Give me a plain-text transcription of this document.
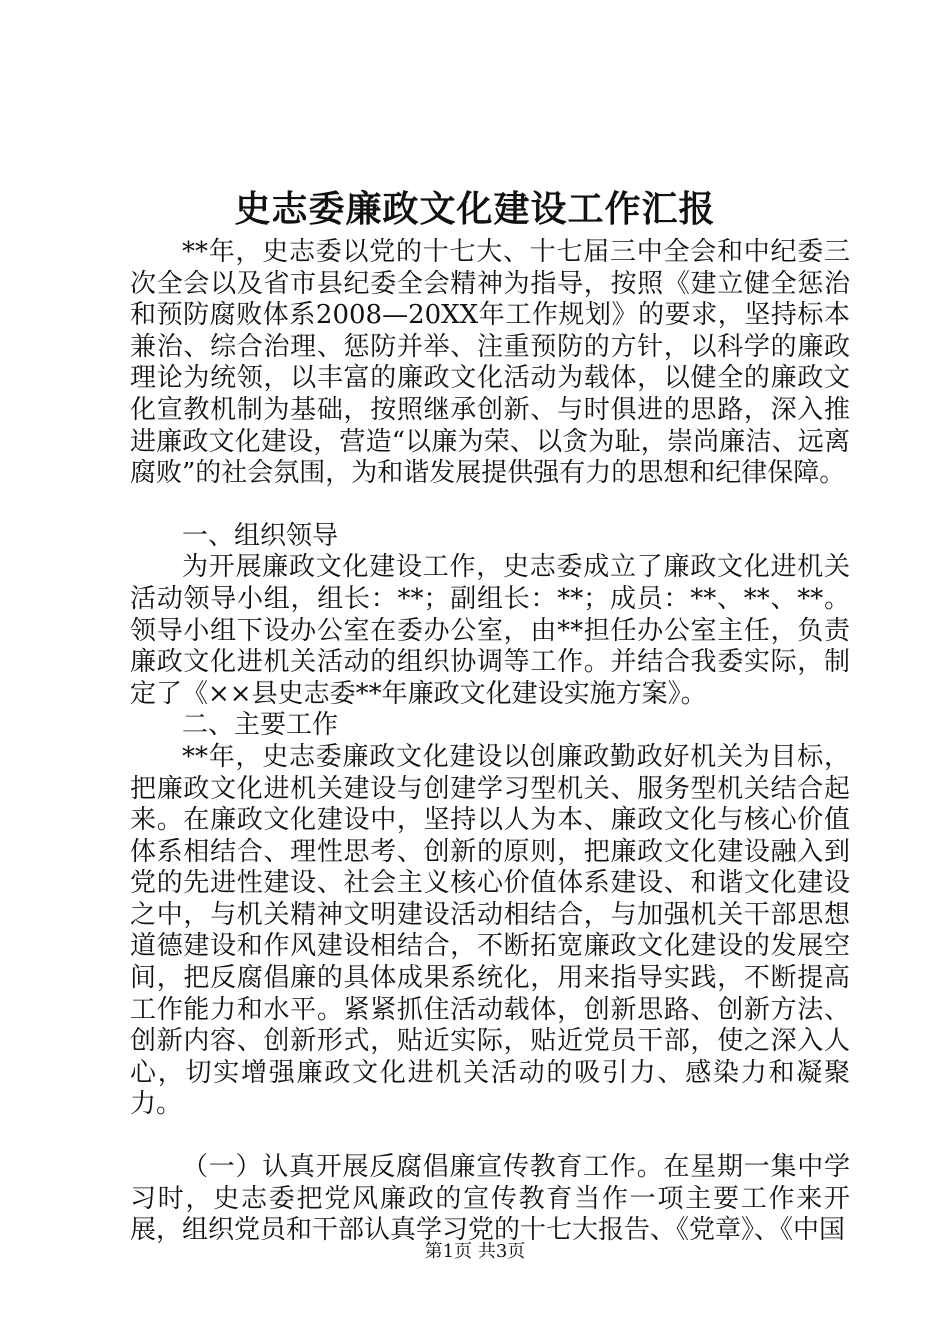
史志委廉政文化建设工作汇报

**年，史志委以党的十七大、十七届三中全会和中纪委三次全会以及省市县纪委全会精神为指导，按照《建立健全惩治和预防腐败体系2008—20XX年工作规划》的要求，坚持标本兼治、综合治理、惩防并举、注重预防的方针，以科学的廉政理论为统领，以丰富的廉政文化活动为载体，以健全的廉政文化宣教机制为基础，按照继承创新、与时俱进的思路，深入推进廉政文化建设，营造“以廉为荣、以贪为耻，崇尚廉洁、远离腐败”的社会氛围，为和谐发展提供强有力的思想和纪律保障。

一、组织领导

为开展廉政文化建设工作，史志委成立了廉政文化进机关活动领导小组，组长：**；副组长：**；成员：**、**、**。领导小组下设办公室在委办公室，由**担任办公室主任，负责廉政文化进机关活动的组织协调等工作。并结合我委实际，制定了《××县史志委**年廉政文化建设实施方案》。

二、主要工作

**年，史志委廉政文化建设以创廉政勤政好机关为目标，把廉政文化进机关建设与创建学习型机关、服务型机关结合起来。在廉政文化建设中，坚持以人为本、廉政文化与核心价值体系相结合、理性思考、创新的原则，把廉政文化建设融入到党的先进性建设、社会主义核心价值体系建设、和谐文化建设之中，与机关精神文明建设活动相结合，与加强机关干部思想道德建设和作风建设相结合，不断拓宽廉政文化建设的发展空间，把反腐倡廉的具体成果系统化，用来指导实践，不断提高工作能力和水平。紧紧抓住活动载体，创新思路、创新方法、创新内容、创新形式，贴近实际，贴近党员干部，使之深入人心，切实增强廉政文化进机关活动的吸引力、感染力和凝聚力。

（一）认真开展反腐倡廉宣传教育工作。在星期一集中学习时，史志委把党风廉政的宣传教育当作一项主要工作来开展，组织党员和干部认真学习党的十七大报告、《党章》、《中国

第1页 共3页
